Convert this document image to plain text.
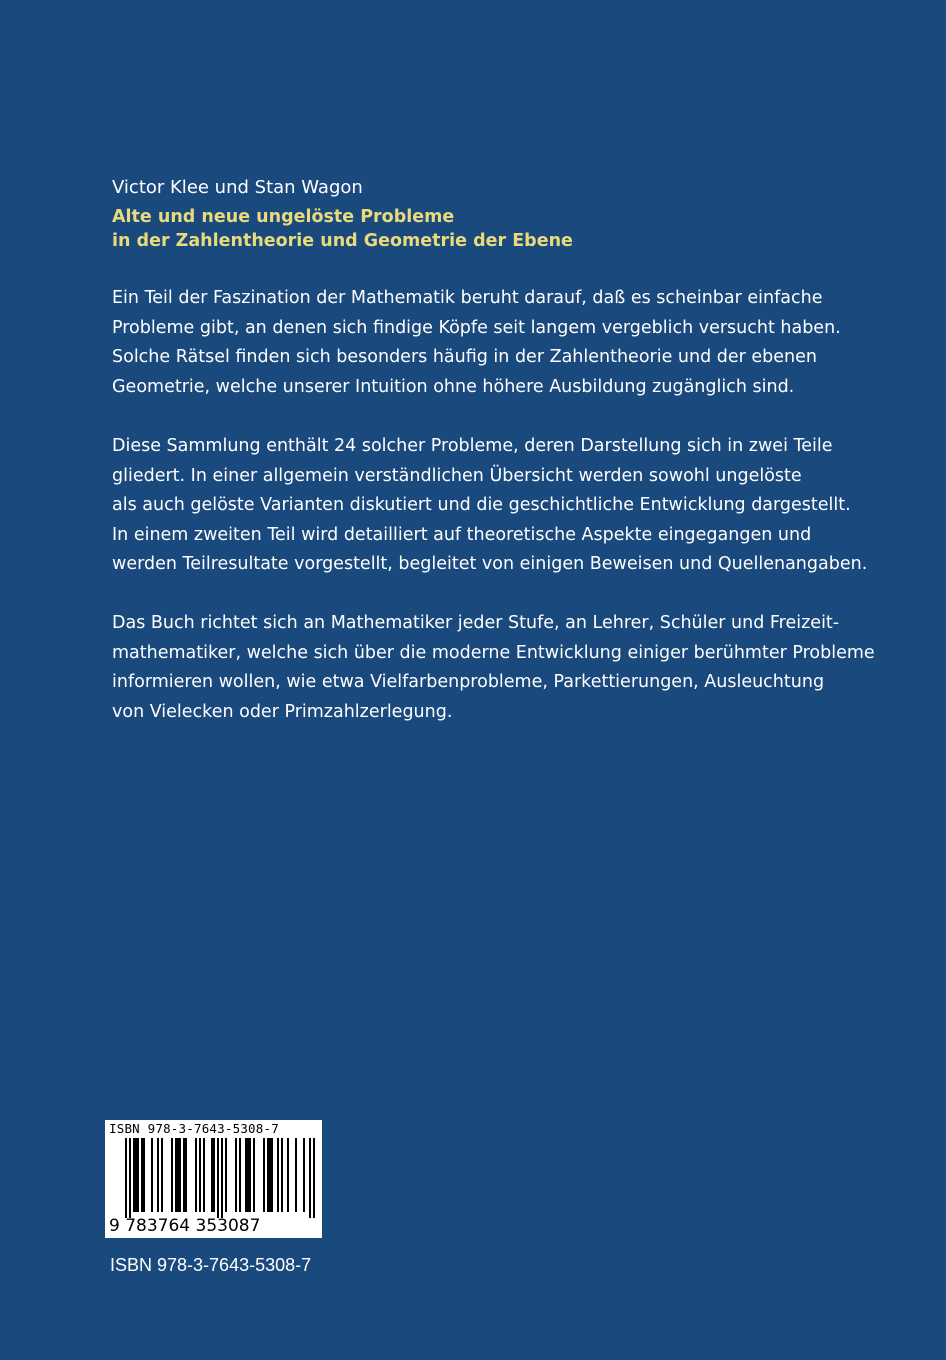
Victor Klee und Stan Wagon
Alte und neue ungelöste Probleme
in der Zahlentheorie und Geometrie der Ebene
Ein Teil der Faszination der Mathematik beruht darauf, daß es scheinbar einfache
Probleme gibt, an denen sich findige Köpfe seit langem vergeblich versucht haben.
Solche Rätsel finden sich besonders häufig in der Zahlentheorie und der ebenen
Geometrie, welche unserer Intuition ohne höhere Ausbildung zugänglich sind.
Diese Sammlung enthält 24 solcher Probleme, deren Darstellung sich in zwei Teile
gliedert. In einer allgemein verständlichen Übersicht werden sowohl ungelöste
als auch gelöste Varianten diskutiert und die geschichtliche Entwicklung dargestellt.
In einem zweiten Teil wird detailliert auf theoretische Aspekte eingegangen und
werden Teilresultate vorgestellt, begleitet von einigen Beweisen und Quellenangaben.
Das Buch richtet sich an Mathematiker jeder Stufe, an Lehrer, Schüler und Freizeit-
mathematiker, welche sich über die moderne Entwicklung einiger berühmter Probleme
informieren wollen, wie etwa Vielfarbenprobleme, Parkettierungen, Ausleuchtung
von Vielecken oder Primzahlzerlegung.
ISBN 978-3-7643-5308-7
9 783764 353087
ISBN 978-3-7643-5308-7
